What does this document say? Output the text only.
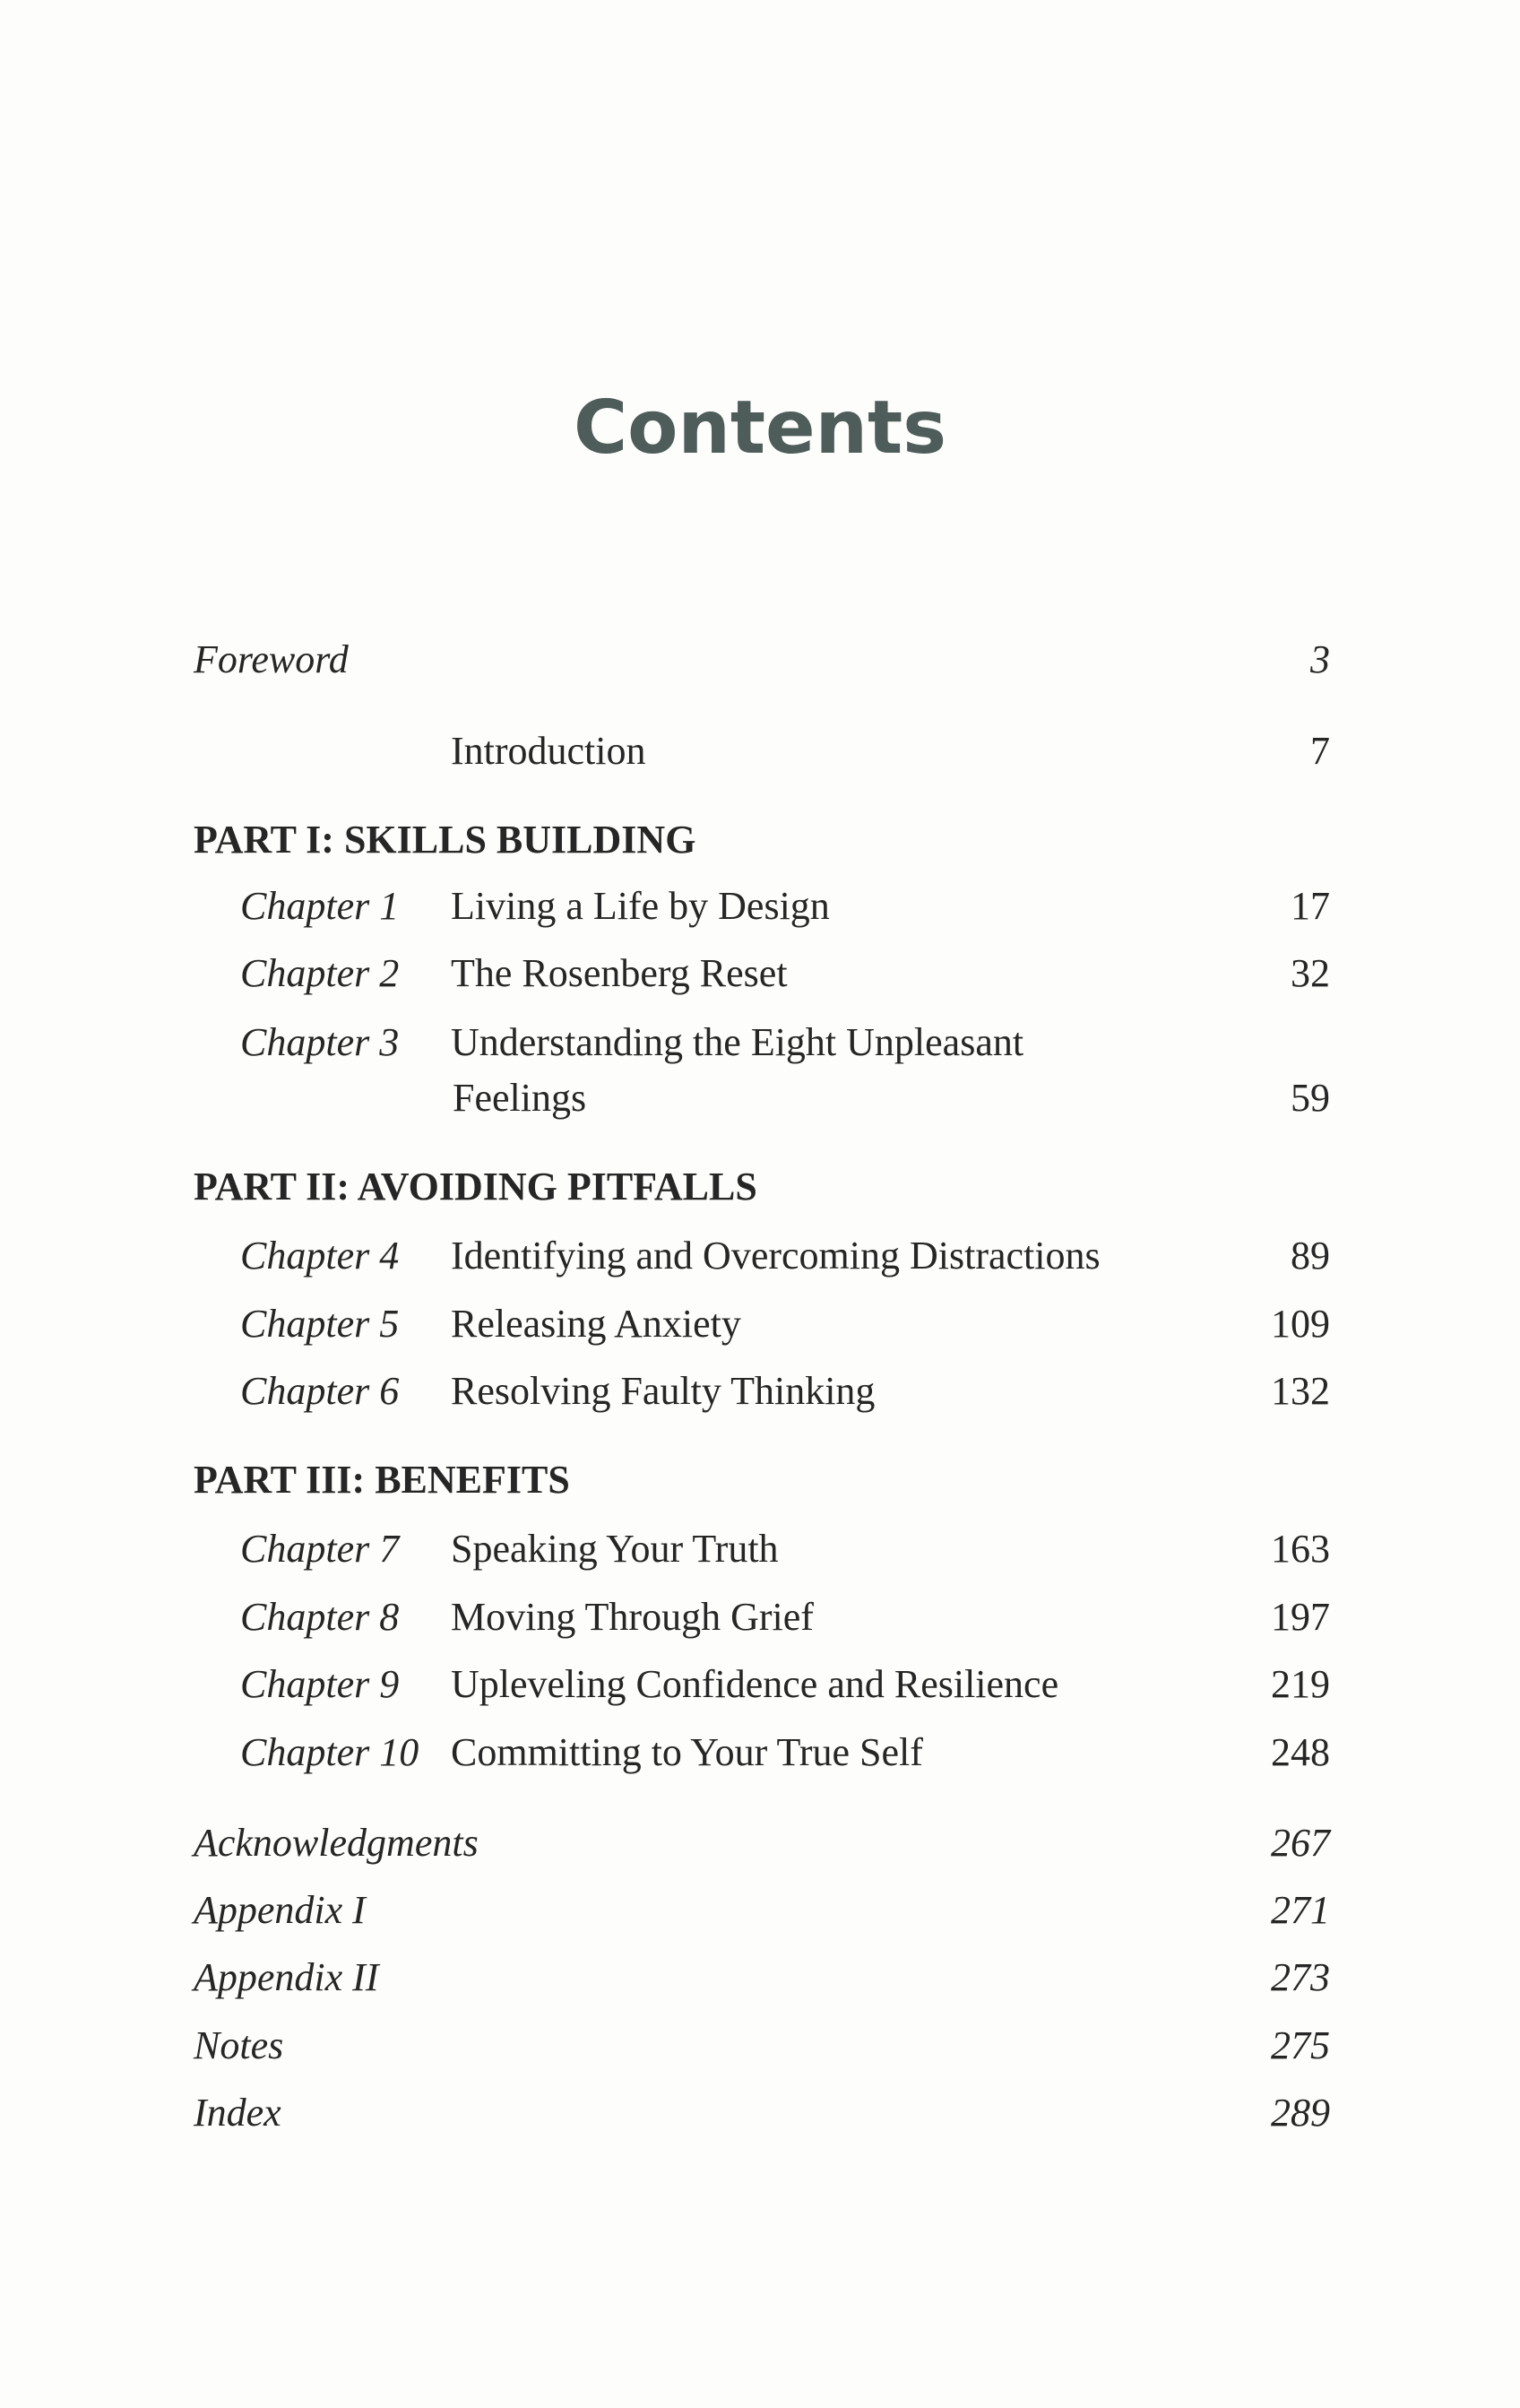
Contents
Foreword	3
Introduction	7
PART I: SKILLS BUILDING
Chapter 1 Living a Life by Design	17
Chapter 2 The Rosenberg Reset	32
Chapter 3 Understanding the Eight Unpleasant
Feelings	59
PART II: AVOIDING PITFALLS
Chapter 4 Identifying and Overcoming Distractions	89
Chapter 5 Releasing Anxiety	109
Chapter 6 Resolving Faulty Thinking	132
PART III: BENEFITS
Chapter 7 Speaking Your Truth	163
Chapter 8 Moving Through Grief	197
Chapter 9 Upleveling Confidence and Resilience	219
Chapter 10 Committing to Your True Self	248
Acknowledgments	267
Appendix I	271
Appendix II	273
Notes	275
Index	289
